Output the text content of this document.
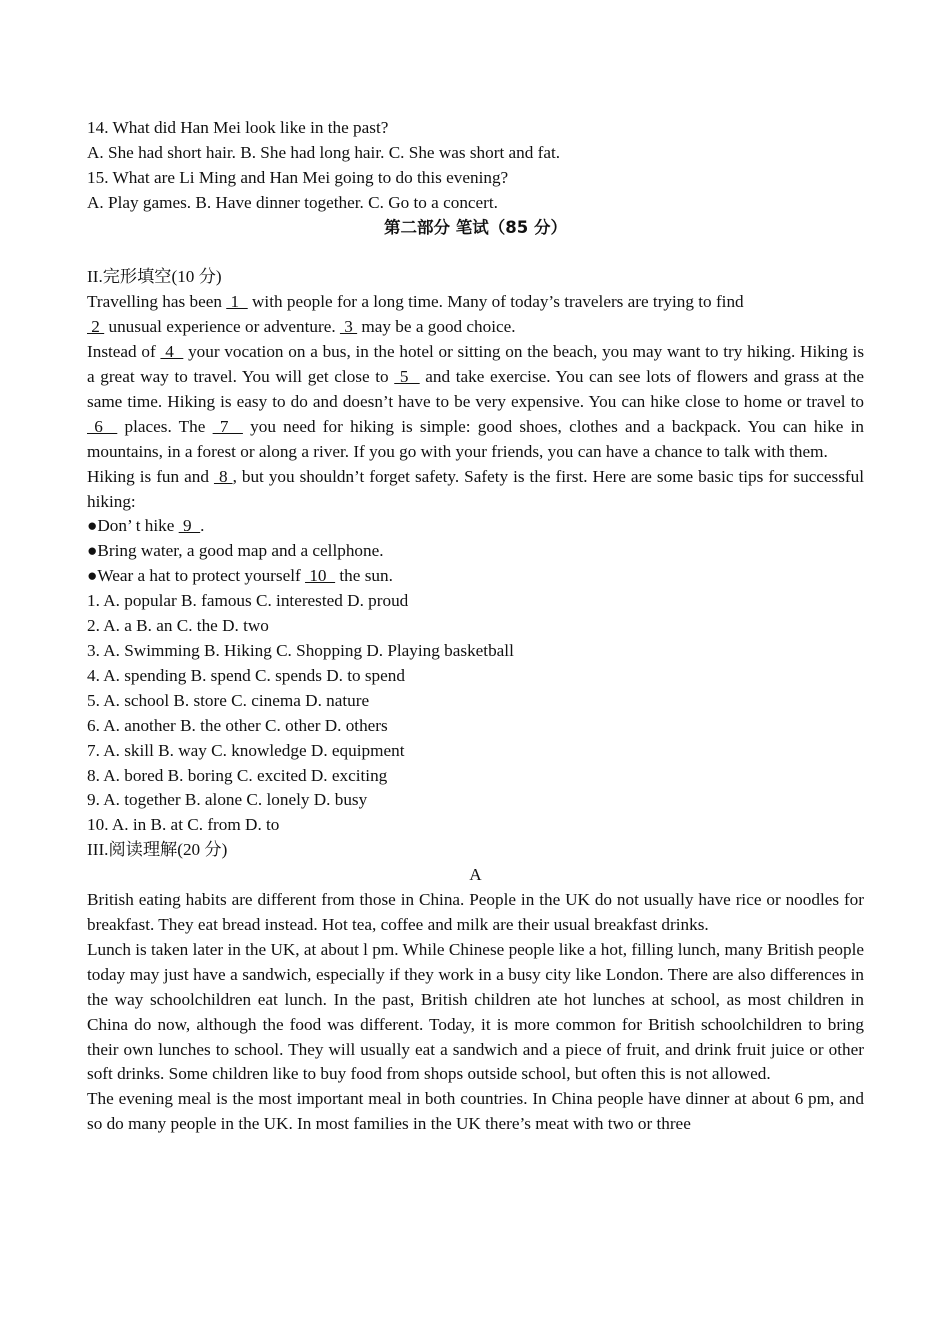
14. What did Han Mei look like in the past?
A. She had short hair. B. She had long hair. C. She was short and fat.
15. What are Li Ming and Han Mei going to do this evening?
A. Play games. B. Have dinner together. C. Go to a concert.
第二部分 笔试（85 分）
II.完形填空(10 分)
Travelling has been  1   with people for a long time. Many of today’s travelers are trying to find
2  unusual experience or adventure.  3  may be a good choice.
Instead of  4   your vocation on a bus, in the hotel or sitting on the beach, you may want to try hiking. Hiking is a great way to travel. You will get close to  5   and take exercise. You can see lots of flowers and grass at the same time. Hiking is easy to do and doesn’t have to be very expensive. You can hike close to home or travel to  6   places. The  7   you need for hiking is simple: good shoes, clothes and a backpack. You can hike in mountains, in a forest or along a river. If you go with your friends, you can have a chance to talk with them.
Hiking is fun and  8 , but you shouldn’t forget safety. Safety is the first. Here are some basic tips for successful hiking:
●Don’ t hike  9  .
●Bring water, a good map and a cellphone.
●Wear a hat to protect yourself  10   the sun.
1. A. popular B. famous C. interested D. proud
2. A. a B. an C. the D. two
3. A. Swimming B. Hiking C. Shopping D. Playing basketball
4. A. spending B. spend C. spends D. to spend
5. A. school B. store C. cinema D. nature
6. A. another B. the other C. other D. others
7. A. skill B. way C. knowledge D. equipment
8. A. bored B. boring C. excited D. exciting
9. A. together B. alone C. lonely D. busy
10. A. in B. at C. from D. to
III.阅读理解(20 分)
A
British eating habits are different from those in China. People in the UK do not usually have rice or noodles for breakfast. They eat bread instead. Hot tea, coffee and milk are their usual breakfast drinks.
Lunch is taken later in the UK, at about l pm. While Chinese people like a hot, filling lunch, many British people today may just have a sandwich, especially if they work in a busy city like London. There are also differences in the way schoolchildren eat lunch. In the past, British children ate hot lunches at school, as most children in China do now, although the food was different. Today, it is more common for British schoolchildren to bring their own lunches to school. They will usually eat a sandwich and a piece of fruit, and drink fruit juice or other soft drinks. Some children like to buy food from shops outside school, but often this is not allowed.
The evening meal is the most important meal in both countries. In China people have dinner at about 6 pm, and so do many people in the UK. In most families in the UK there’s meat with two or three
